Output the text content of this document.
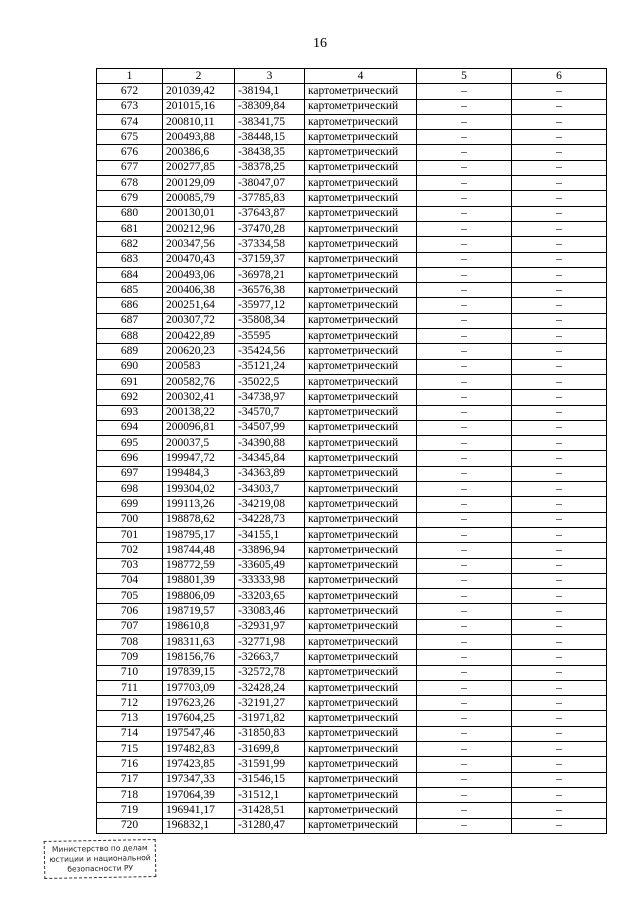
16
1	2	3	4	5	6
672	201039,42	-38194,1	картометрический	–	–
673	201015,16	-38309,84	картометрический	–	–
674	200810,11	-38341,75	картометрический	–	–
675	200493,88	-38448,15	картометрический	–	–
676	200386,6	-38438,35	картометрический	–	–
677	200277,85	-38378,25	картометрический	–	–
678	200129,09	-38047,07	картометрический	–	–
679	200085,79	-37785,83	картометрический	–	–
680	200130,01	-37643,87	картометрический	–	–
681	200212,96	-37470,28	картометрический	–	–
682	200347,56	-37334,58	картометрический	–	–
683	200470,43	-37159,37	картометрический	–	–
684	200493,06	-36978,21	картометрический	–	–
685	200406,38	-36576,38	картометрический	–	–
686	200251,64	-35977,12	картометрический	–	–
687	200307,72	-35808,34	картометрический	–	–
688	200422,89	-35595	картометрический	–	–
689	200620,23	-35424,56	картометрический	–	–
690	200583	-35121,24	картометрический	–	–
691	200582,76	-35022,5	картометрический	–	–
692	200302,41	-34738,97	картометрический	–	–
693	200138,22	-34570,7	картометрический	–	–
694	200096,81	-34507,99	картометрический	–	–
695	200037,5	-34390,88	картометрический	–	–
696	199947,72	-34345,84	картометрический	–	–
697	199484,3	-34363,89	картометрический	–	–
698	199304,02	-34303,7	картометрический	–	–
699	199113,26	-34219,08	картометрический	–	–
700	198878,62	-34228,73	картометрический	–	–
701	198795,17	-34155,1	картометрический	–	–
702	198744,48	-33896,94	картометрический	–	–
703	198772,59	-33605,49	картометрический	–	–
704	198801,39	-33333,98	картометрический	–	–
705	198806,09	-33203,65	картометрический	–	–
706	198719,57	-33083,46	картометрический	–	–
707	198610,8	-32931,97	картометрический	–	–
708	198311,63	-32771,98	картометрический	–	–
709	198156,76	-32663,7	картометрический	–	–
710	197839,15	-32572,78	картометрический	–	–
711	197703,09	-32428,24	картометрический	–	–
712	197623,26	-32191,27	картометрический	–	–
713	197604,25	-31971,82	картометрический	–	–
714	197547,46	-31850,83	картометрический	–	–
715	197482,83	-31699,8	картометрический	–	–
716	197423,85	-31591,99	картометрический	–	–
717	197347,33	-31546,15	картометрический	–	–
718	197064,39	-31512,1	картометрический	–	–
719	196941,17	-31428,51	картометрический	–	–
720	196832,1	-31280,47	картометрический	–	–
Министерство по делам
юстиции и национальной
безопасности РУ
